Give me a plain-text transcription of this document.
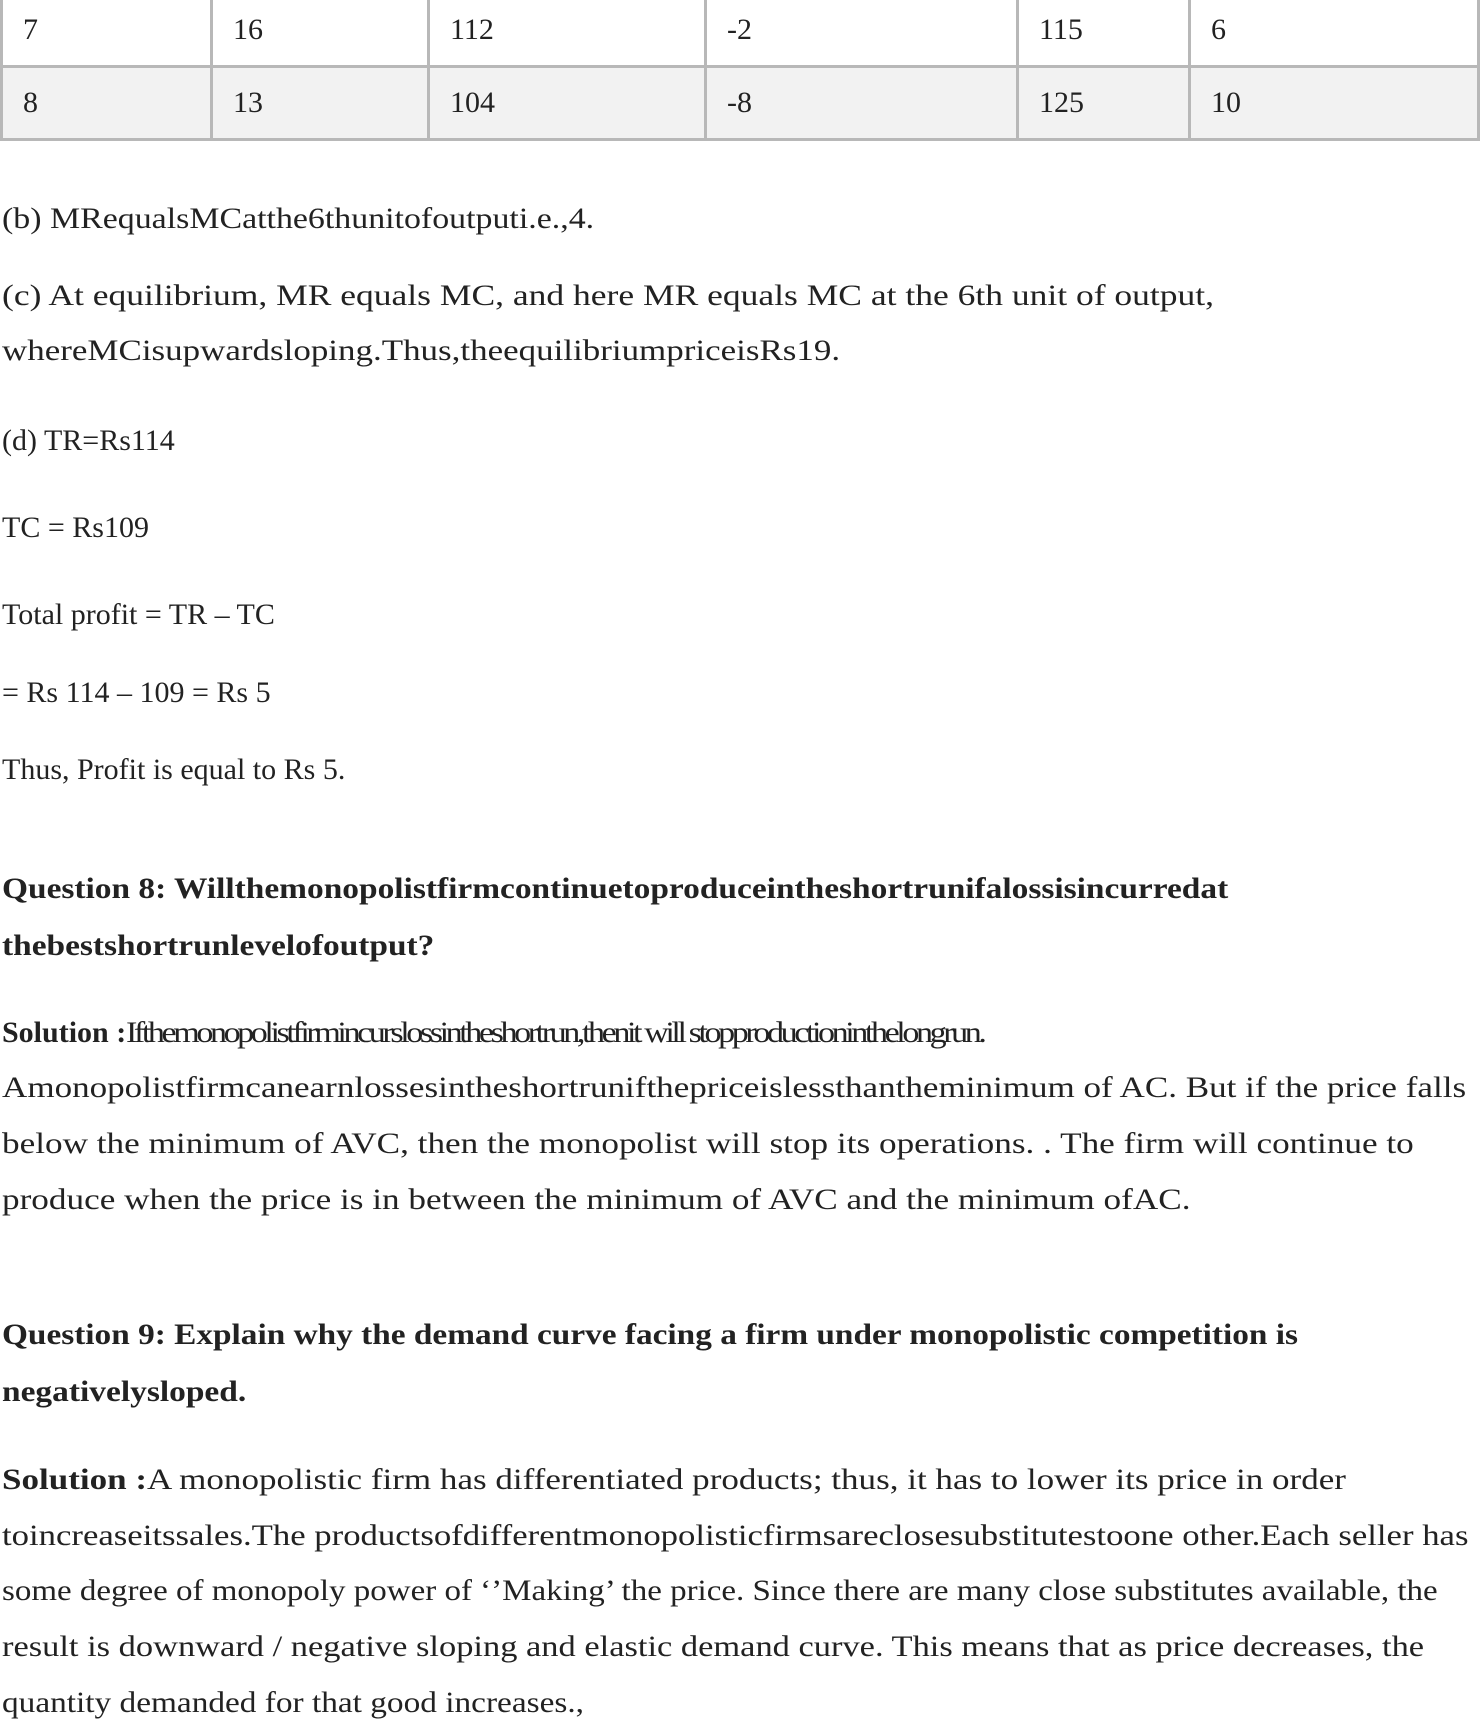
7	16	112	-2	115	6
8	13	104	-8	125	10
(b) MRequalsMCatthe6thunitofoutputi.e.,4.
(c) At equilibrium, MR equals MC, and here MR equals MC at the 6th unit of output,
whereMCisupwardsloping.Thus,theequilibriumpriceisRs19.
(d) TR=Rs114
TC = Rs109
Total profit = TR – TC
= Rs 114 – 109 = Rs 5
Thus, Profit is equal to Rs 5.
Question 8: Willthemonopolistfirmcontinuetoproduceintheshortrunifalossisincurredat
thebestshortrunlevelofoutput?
Solution :Ifthemonopolistfirmincurslossintheshortrun,thenit will stopproductioninthelongrun.
Amonopolistfirmcanearnlossesintheshortrunifthepriceislessthantheminimum of AC. But if the price falls
below the minimum of AVC, then the monopolist will stop its operations. . The firm will continue to
produce when the price is in between the minimum of AVC and the minimum ofAC.
Question 9: Explain why the demand curve facing a firm under monopolistic competition is
negativelysloped.
Solution :A monopolistic firm has differentiated products; thus, it has to lower its price in order
toincreaseitssales.The productsofdifferentmonopolisticfirmsareclosesubstitutestoone other.Each seller has
some degree of monopoly power of ‘’Making’ the price. Since there are many close substitutes available, the
result is downward / negative sloping and elastic demand curve. This means that as price decreases, the
quantity demanded for that good increases.,
